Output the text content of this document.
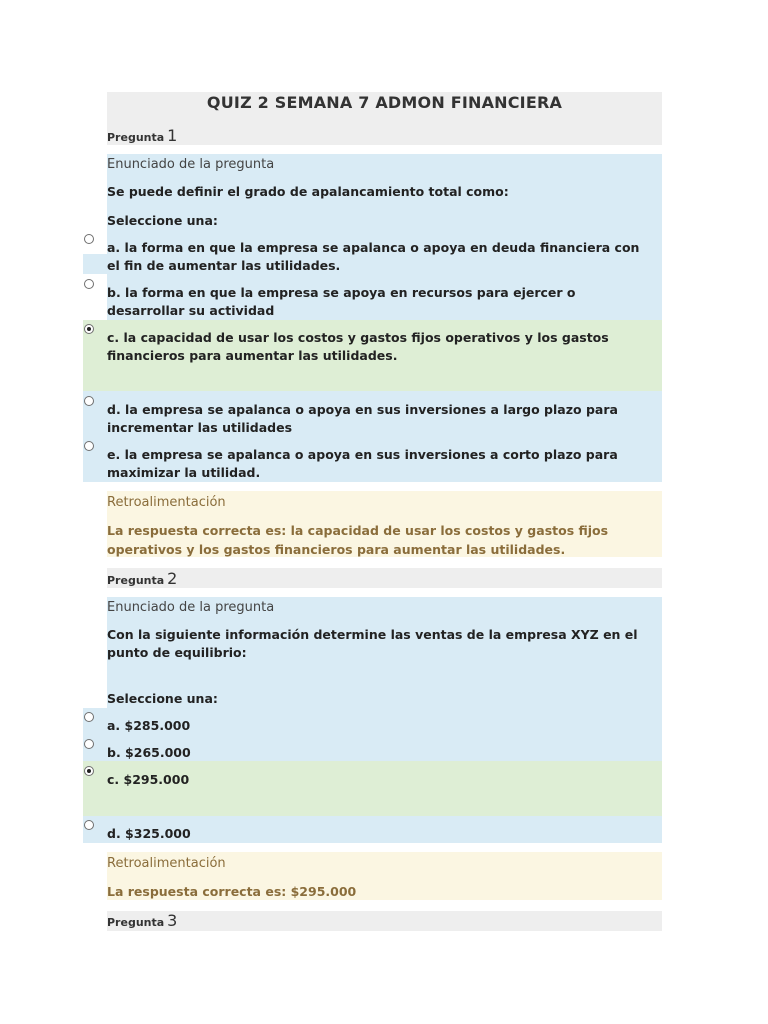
QUIZ 2 SEMANA 7 ADMON FINANCIERA
Pregunta 1
Enunciado de la pregunta
Se puede definir el grado de apalancamiento total como:
Seleccione una:
a. la forma en que la empresa se apalanca o apoya en deuda financiera con el fin de aumentar las utilidades.
b. la forma en que la empresa se apoya en recursos para ejercer o desarrollar su actividad
c. la capacidad de usar los costos y gastos fijos operativos y los gastos financieros para aumentar las utilidades.
d. la empresa se apalanca o apoya en sus inversiones a largo plazo para incrementar las utilidades
e. la empresa se apalanca o apoya en sus inversiones a corto plazo para maximizar la utilidad.
Retroalimentación
La respuesta correcta es: la capacidad de usar los costos y gastos fijos operativos y los gastos financieros para aumentar las utilidades.
Pregunta 2
Enunciado de la pregunta
Con la siguiente información determine las ventas de la empresa XYZ en el punto de equilibrio:
Seleccione una:
a. $285.000
b. $265.000
c. $295.000
d. $325.000
Retroalimentación
La respuesta correcta es: $295.000
Pregunta 3
